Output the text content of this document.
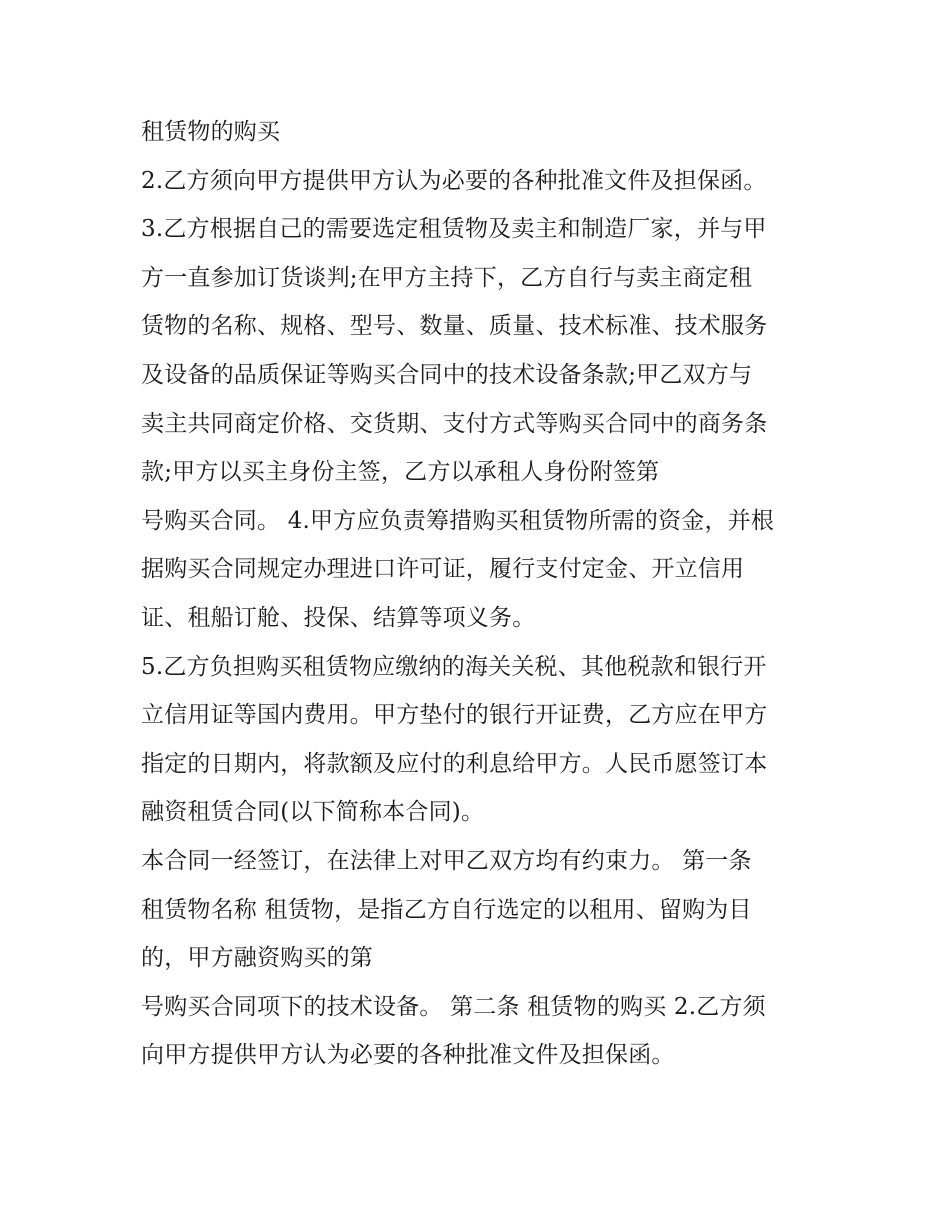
租赁物的购买
2.乙方须向甲方提供甲方认为必要的各种批准文件及担保函。
3.乙方根据自己的需要选定租赁物及卖主和制造厂家，并与甲
方一直参加订货谈判;在甲方主持下，乙方自行与卖主商定租
赁物的名称、规格、型号、数量、质量、技术标准、技术服务
及设备的品质保证等购买合同中的技术设备条款;甲乙双方与
卖主共同商定价格、交货期、支付方式等购买合同中的商务条
款;甲方以买主身份主签，乙方以承租人身份附签第
号购买合同。 4.甲方应负责筹措购买租赁物所需的资金，并根
据购买合同规定办理进口许可证，履行支付定金、开立信用
证、租船订舱、投保、结算等项义务。
5.乙方负担购买租赁物应缴纳的海关关税、其他税款和银行开
立信用证等国内费用。甲方垫付的银行开证费，乙方应在甲方
指定的日期内，将款额及应付的利息给甲方。人民币愿签订本
融资租赁合同(以下简称本合同)。
本合同一经签订，在法律上对甲乙双方均有约束力。 第一条
租赁物名称 租赁物，是指乙方自行选定的以租用、留购为目
的，甲方融资购买的第
号购买合同项下的技术设备。 第二条 租赁物的购买 2.乙方须
向甲方提供甲方认为必要的各种批准文件及担保函。
